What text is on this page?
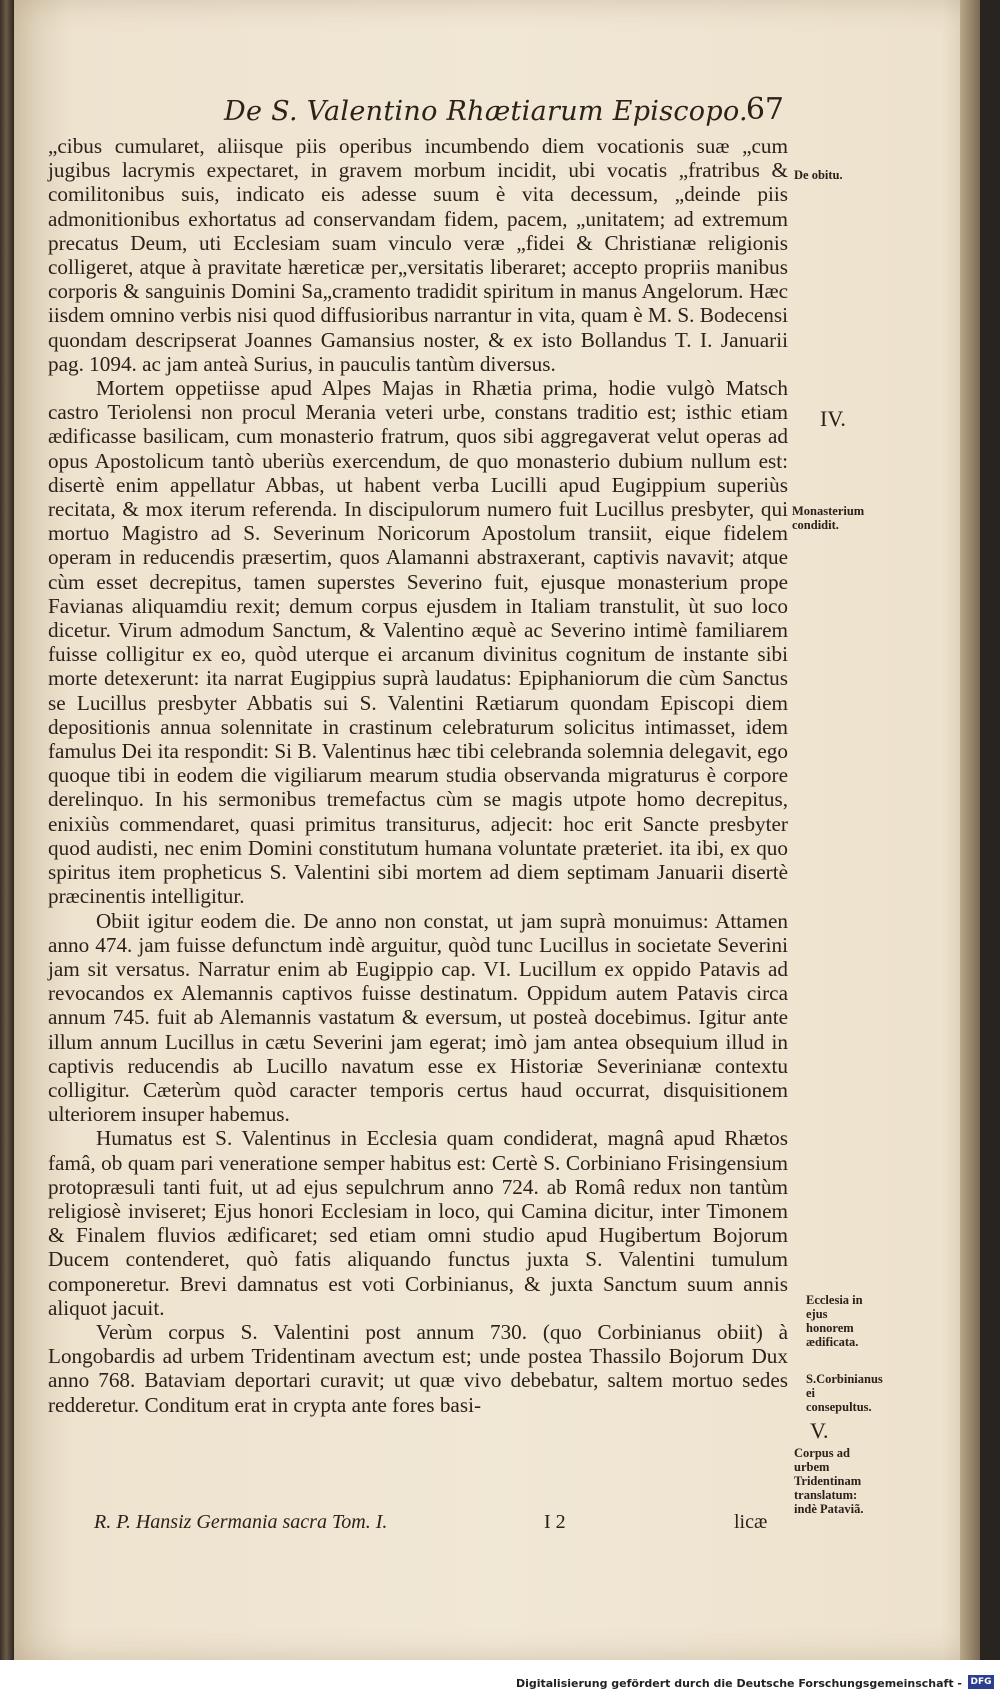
De S. Valentino Rhætiarum Episcopo.
67

„cibus cumularet, aliisque piis operibus incumbendo diem vocationis suæ „cum jugibus lacrymis expectaret, in gravem morbum incidit, ubi vocatis „fratribus & comilitonibus suis, indicato eis adesse suum è vita decessum, „deinde piis admonitionibus exhortatus ad conservandam fidem, pacem, „unitatem; ad extremum precatus Deum, uti Ecclesiam suam vinculo veræ „fidei & Christianæ religionis colligeret, atque à pravitate hæreticæ per„versitatis liberaret; accepto propriis manibus corporis & sanguinis Domini Sa„cramento tradidit spiritum in manus Angelorum. Hæc iisdem omnino verbis nisi quod diffusioribus narrantur in vita, quam è M. S. Bodecensi quondam descripserat Joannes Gamansius noster, & ex isto Bollandus T. I. Januarii pag. 1094. ac jam anteà Surius, in pauculis tantùm diversus.

Mortem oppetiisse apud Alpes Majas in Rhætia prima, hodie vulgò Matsch castro Teriolensi non procul Merania veteri urbe, constans traditio est; isthic etiam ædificasse basilicam, cum monasterio fratrum, quos sibi aggregaverat velut operas ad opus Apostolicum tantò uberiùs exercendum, de quo monasterio dubium nullum est: disertè enim appellatur Abbas, ut habent verba Lucilli apud Eugippium superiùs recitata, & mox iterum referenda. In discipulorum numero fuit Lucillus presbyter, qui mortuo Magistro ad S. Severinum Noricorum Apostolum transiit, eique fidelem operam in reducendis præsertim, quos Alamanni abstraxerant, captivis navavit; atque cùm esset decrepitus, tamen superstes Severino fuit, ejusque monasterium prope Favianas aliquamdiu rexit; demum corpus ejusdem in Italiam transtulit, ùt suo loco dicetur. Virum admodum Sanctum, & Valentino æquè ac Severino intimè familiarem fuisse colligitur ex eo, quòd uterque ei arcanum divinitus cognitum de instante sibi morte detexerunt: ita narrat Eugippius suprà laudatus: Epiphaniorum die cùm Sanctus se Lucillus presbyter Abbatis sui S. Valentini Rætiarum quondam Episcopi diem depositionis annua solennitate in crastinum celebraturum solicitus intimasset, idem famulus Dei ita respondit: Si B. Valentinus hæc tibi celebranda solemnia delegavit, ego quoque tibi in eodem die vigiliarum mearum studia observanda migraturus è corpore derelinquo. In his sermonibus tremefactus cùm se magis utpote homo decrepitus, enixiùs commendaret, quasi primitus transiturus, adjecit: hoc erit Sancte presbyter quod audisti, nec enim Domini constitutum humana voluntate præteriet. ita ibi, ex quo spiritus item propheticus S. Valentini sibi mortem ad diem septimam Januarii disertè præcinentis intelligitur.

Obiit igitur eodem die. De anno non constat, ut jam suprà monuimus: Attamen anno 474. jam fuisse defunctum indè arguitur, quòd tunc Lucillus in societate Severini jam sit versatus. Narratur enim ab Eugippio cap. VI. Lucillum ex oppido Patavis ad revocandos ex Alemannis captivos fuisse destinatum. Oppidum autem Patavis circa annum 745. fuit ab Alemannis vastatum & eversum, ut posteà docebimus. Igitur ante illum annum Lucillus in cætu Severini jam egerat; imò jam antea obsequium illud in captivis reducendis ab Lucillo navatum esse ex Historiæ Severinianæ contextu colligitur. Cæterùm quòd caracter temporis certus haud occurrat, disquisitionem ulteriorem insuper habemus.

Humatus est S. Valentinus in Ecclesia quam condiderat, magnâ apud Rhætos famâ, ob quam pari veneratione semper habitus est: Certè S. Corbiniano Frisingensium protopræsuli tanti fuit, ut ad ejus sepulchrum anno 724. ab Româ redux non tantùm religiosè inviseret; Ejus honori Ecclesiam in loco, qui Camina dicitur, inter Timonem & Finalem fluvios ædificaret; sed etiam omni studio apud Hugibertum Bojorum Ducem contenderet, quò fatis aliquando functus juxta S. Valentini tumulum componeretur. Brevi damnatus est voti Corbinianus, & juxta Sanctum suum annis aliquot jacuit.

Verùm corpus S. Valentini post annum 730. (quo Corbinianus obiit) à Longobardis ad urbem Tridentinam avectum est; unde postea Thassilo Bojorum Dux anno 768. Bataviam deportari curavit; ut quæ vivo debebatur, saltem mortuo sedes redderetur. Conditum erat in crypta ante fores basi-

De obitu.
IV.
Monasterium condidit.
Ecclesia in ejus honorem ædificata.
S.Corbinianus ei consepultus.
V.
Corpus ad urbem Tridentinam translatum: indè Pataviã.
R. P. Hansiz Germania sacra Tom. I.	I 2	licæ
Digitalisierung gefördert durch die Deutsche Forschungsgemeinschaft - DFG
